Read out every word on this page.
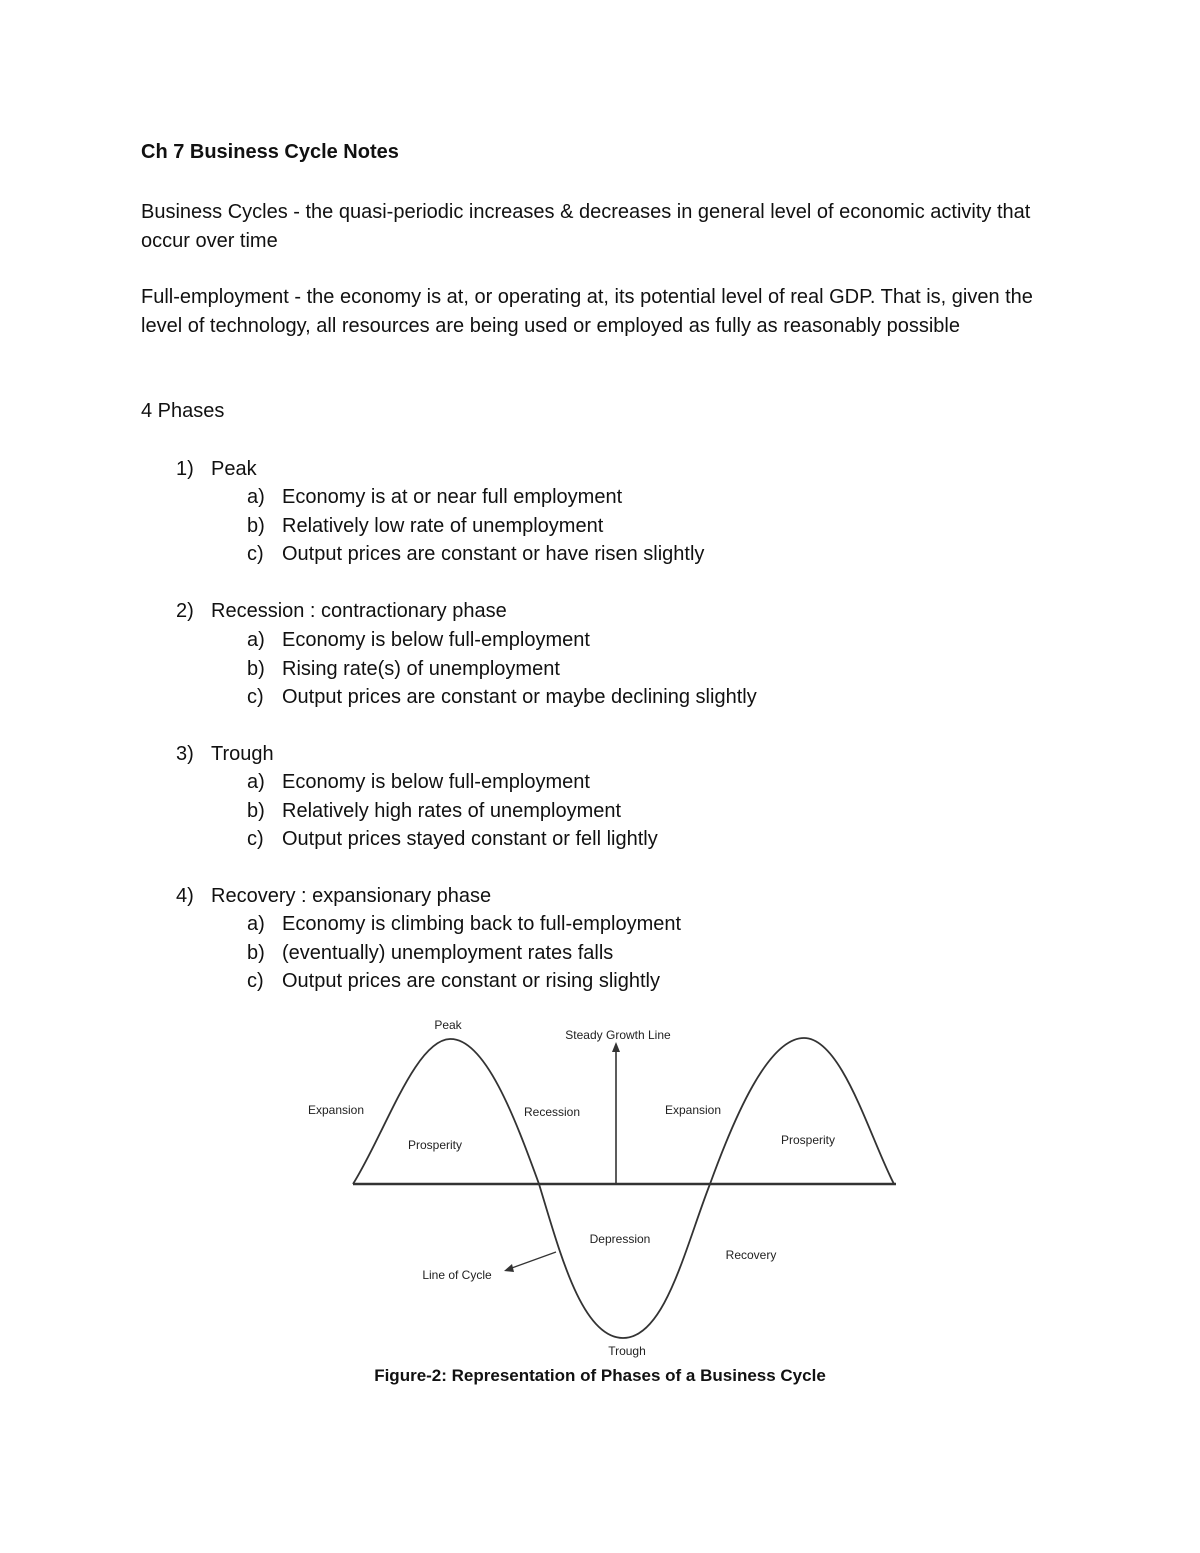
Ch 7 Business Cycle Notes

Business Cycles - the quasi-periodic increases & decreases in general level of economic activity that occur over time

Full-employment - the economy is at, or operating at, its potential level of real GDP. That is, given the level of technology, all resources are being used or employed as fully as reasonably possible

4 Phases

1) Peak
a) Economy is at or near full employment
b) Relatively low rate of unemployment
c) Output prices are constant or have risen slightly
2) Recession : contractionary phase
a) Economy is below full-employment
b) Rising rate(s) of unemployment
c) Output prices are constant or maybe declining slightly
3) Trough
a) Economy is below full-employment
b) Relatively high rates of unemployment
c) Output prices stayed constant or fell lightly
4) Recovery : expansionary phase
a) Economy is climbing back to full-employment
b) (eventually) unemployment rates falls
c) Output prices are constant or rising slightly
Peak
Steady Growth Line
Expansion	Recession	Expansion
Prosperity	Prosperity
Depression
Recovery
Line of Cycle
Trough
Figure-2: Representation of Phases of a Business Cycle
